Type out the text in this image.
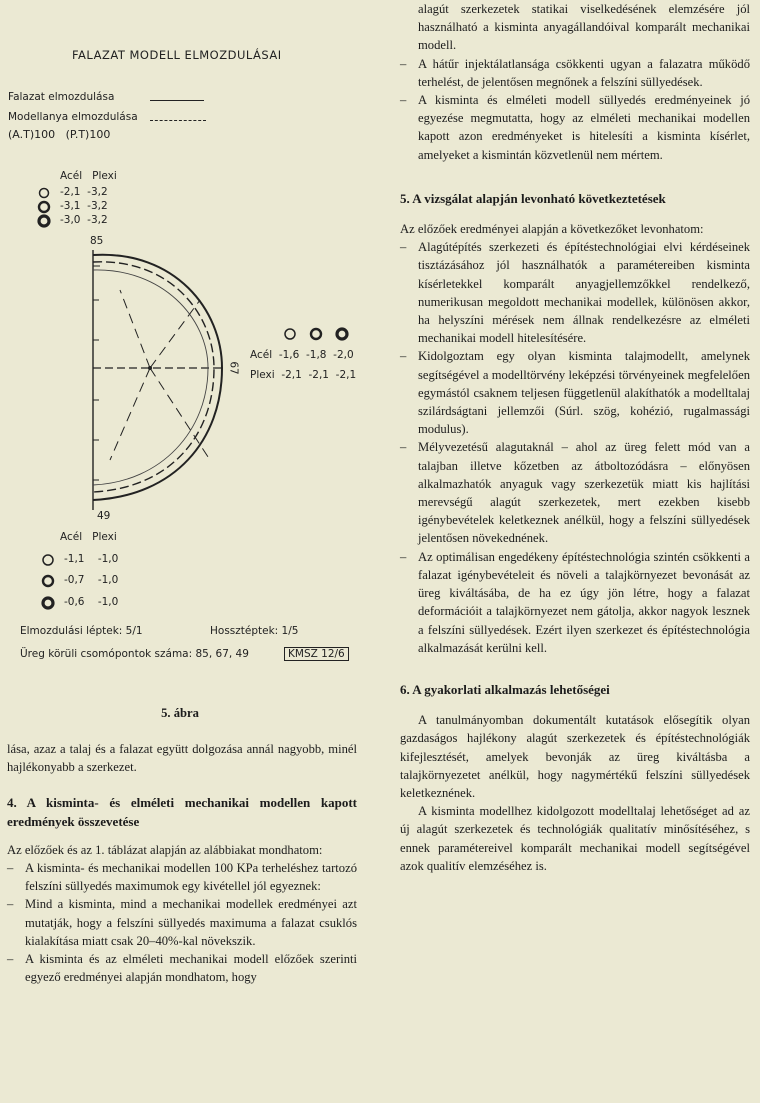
FALAZAT MODELL ELMOZDULÁSAI
Falazat elmozdulása
Modellanya elmozdulása
(A.T)100   (P.T)100
Acél   Plexi
-2,1  -3,2
-3,1  -3,2
-3,0  -3,2
85
67
49
Acél  -1,6  -1,8  -2,0
Plexi  -2,1  -2,1  -2,1
Acél   Plexi
-1,1    -1,0
-0,7    -1,0
-0,6    -1,0
Elmozdulási léptek: 5/1	Hossztéptek: 1/5
Üreg körüli csomópontok száma: 85, 67, 49	KMSZ 12/6
5. ábra

lása, azaz a talaj és a falazat együtt dolgozása annál nagyobb, minél hajlékonyabb a szerkezet.

4. A kisminta- és elméleti mechanikai modellen kapott eredmények összevetése

Az előzőek és az 1. táblázat alapján az alábbiakat mondhatom:

– A kisminta- és mechanikai modellen 100 KPa terheléshez tartozó felszíni süllyedés maximumok egy kivétellel jól egyeznek:
– Mind a kisminta, mind a mechanikai modellek eredményei azt mutatják, hogy a felszíni süllyedés maximuma a falazat csuklós kialakítása miatt csak 20–40%-kal növekszik.
– A kisminta és az elméleti mechanikai modell előzőek szerinti egyező eredményei alapján mondhatom, hogy

alagút szerkezetek statikai viselkedésének elemzésére jól használható a kisminta anyagállandóival komparált mechanikai modell.

– A hátűr injektálatlansága csökkenti ugyan a falazatra működő terhelést, de jelentősen megnőnek a felszíni süllyedések.
– A kisminta és elméleti modell süllyedés eredményeinek jó egyezése megmutatta, hogy az elméleti mechanikai modellen kapott azon eredményeket is hitelesíti a kisminta kísérlet, amelyeket a kismintán közvetlenül nem mértem.
5. A vizsgálat alapján levonható következtetések

Az előzőek eredményei alapján a következőket levonhatom:

– Alagútépítés szerkezeti és építéstechnológiai elvi kérdéseinek tisztázásához jól használhatók a paramétereiben kisminta kísérletekkel komparált anyagjellemzőkkel rendelkező, numerikusan megoldott mechanikai modellek, különösen akkor, ha helyszíni mérések nem állnak rendelkezésre az elméleti mechanikai modell hitelesítésére.
– Kidolgoztam egy olyan kisminta talajmodellt, amelynek segítségével a modelltörvény leképzési törvényeinek megfelelően egymástól csaknem teljesen függetlenül alakíthatók a modelltalaj szilárdságtani jellemzői (Súrl. szög, kohézió, rugalmassági modulus).
– Mélyvezetésű alagutaknál – ahol az üreg felett mód van a talajban illetve kőzetben az átboltozódásra – előnyösen alkalmazhatók anyaguk vagy szerkezetük miatt kis hajlítási merevségű alagút szerkezetek, mert ezekben kisebb igénybevételek keletkeznek anélkül, hogy a felszíni süllyedések jelentősen növekednének.
– Az optimálisan engedékeny építéstechnológia szintén csökkenti a falazat igénybevételeit és növeli a talajkörnyezet bevonását az üreg kiváltásába, de ha ez úgy jön létre, hogy a falazat deformációit a talajkörnyezet nem gátolja, akkor nagyok lesznek a felszíni süllyedések. Ezért ilyen szerkezet és építéstechnológia alkalmazását kerülni kell.
6. A gyakorlati alkalmazás lehetőségei

A tanulmányomban dokumentált kutatások elősegítik olyan gazdaságos hajlékony alagút szerkezetek és építéstechnológiák kifejlesztését, amelyek bevonják az üreg kiváltásba a talajkörnyezetet anélkül, hogy nagymértékű felszíni süllyedések keletkeznének.

A kisminta modellhez kidolgozott modelltalaj lehetőséget ad az új alagút szerkezetek és technológiák qualitatív minősítéséhez, s ennek paramétereivel komparált mechanikai modell segítségével azok qualitív elemzéséhez is.
